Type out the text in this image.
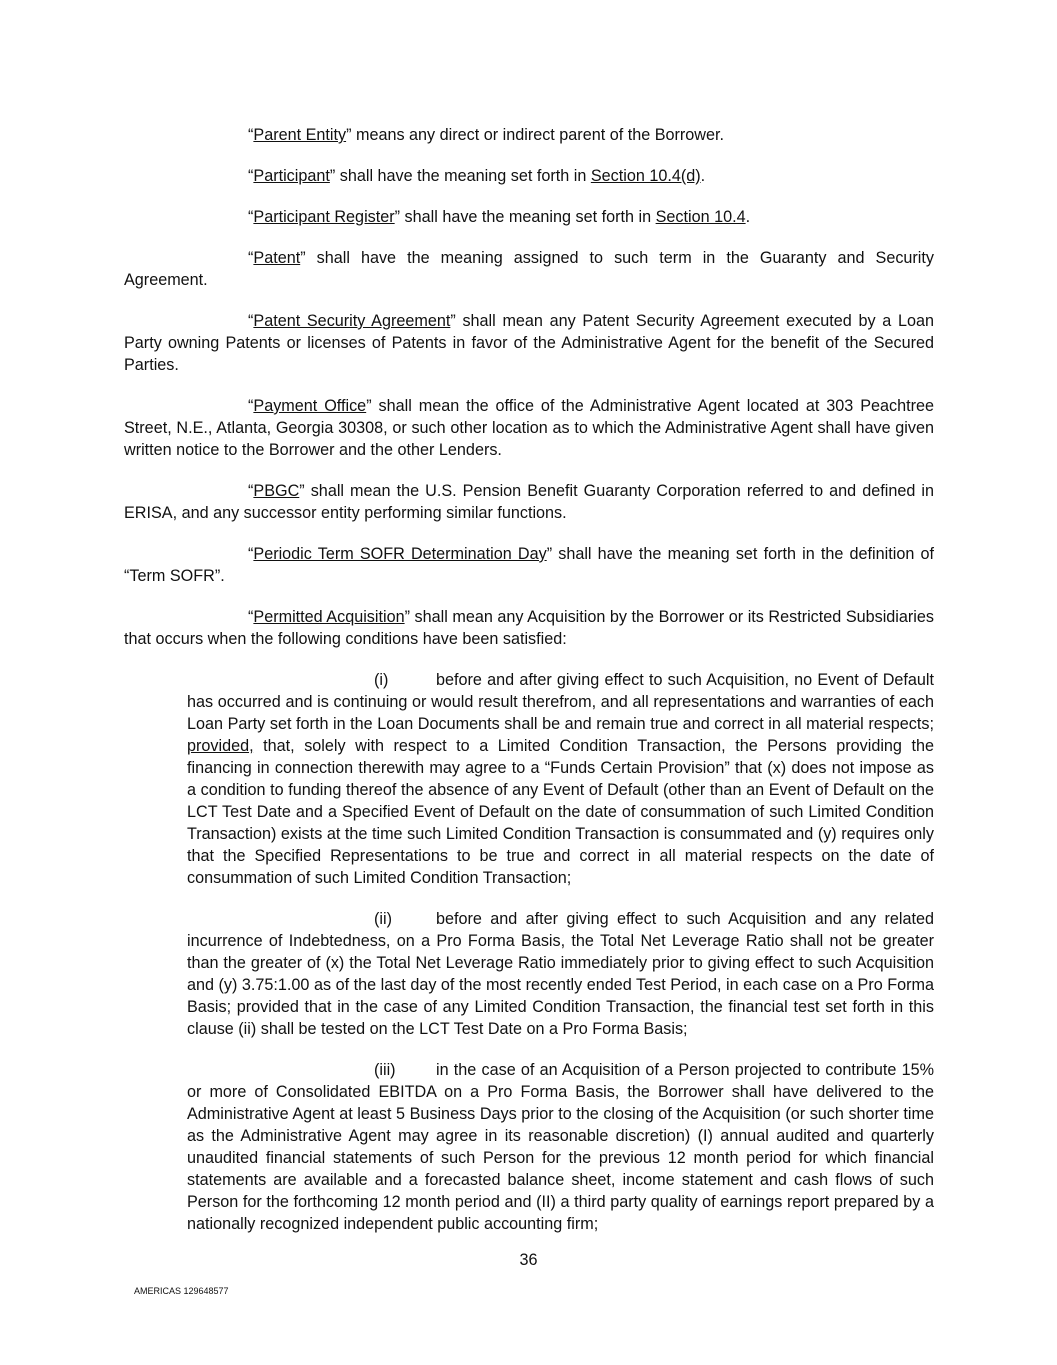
“Parent Entity” means any direct or indirect parent of the Borrower.

“Participant” shall have the meaning set forth in Section 10.4(d).

“Participant Register” shall have the meaning set forth in Section 10.4.

“Patent” shall have the meaning assigned to such term in the Guaranty and Security Agreement.

“Patent Security Agreement” shall mean any Patent Security Agreement executed by a Loan Party owning Patents or licenses of Patents in favor of the Administrative Agent for the benefit of the Secured Parties.

“Payment Office” shall mean the office of the Administrative Agent located at 303 Peachtree Street, N.E., Atlanta, Georgia 30308, or such other location as to which the Administrative Agent shall have given written notice to the Borrower and the other Lenders.

“PBGC” shall mean the U.S. Pension Benefit Guaranty Corporation referred to and defined in ERISA, and any successor entity performing similar functions.

“Periodic Term SOFR Determination Day” shall have the meaning set forth in the definition of “Term SOFR”.

“Permitted Acquisition” shall mean any Acquisition by the Borrower or its Restricted Subsidiaries that occurs when the following conditions have been satisfied:

(i)	before and after giving effect to such Acquisition, no Event of Default has occurred and is continuing or would result therefrom, and all representations and warranties of each Loan Party set forth in the Loan Documents shall be and remain true and correct in all material respects; provided, that, solely with respect to a Limited Condition Transaction, the Persons providing the financing in connection therewith may agree to a “Funds Certain Provision” that (x) does not impose as a condition to funding thereof the absence of any Event of Default (other than an Event of Default on the LCT Test Date and a Specified Event of Default on the date of consummation of such Limited Condition Transaction) exists at the time such Limited Condition Transaction is consummated and (y) requires only that the Specified Representations to be true and correct in all material respects on the date of consummation of such Limited Condition Transaction;

(ii)	before and after giving effect to such Acquisition and any related incurrence of Indebtedness, on a Pro Forma Basis, the Total Net Leverage Ratio shall not be greater than the greater of (x) the Total Net Leverage Ratio immediately prior to giving effect to such Acquisition and (y) 3.75:1.00 as of the last day of the most recently ended Test Period, in each case on a Pro Forma Basis; provided that in the case of any Limited Condition Transaction, the financial test set forth in this clause (ii) shall be tested on the LCT Test Date on a Pro Forma Basis;

(iii) in the case of an Acquisition of a Person projected to contribute 15% or more of Consolidated EBITDA on a Pro Forma Basis, the Borrower shall have delivered to the Administrative Agent at least 5 Business Days prior to the closing of the Acquisition (or such shorter time as the Administrative Agent may agree in its reasonable discretion) (I) annual audited and quarterly unaudited financial statements of such Person for the previous 12 month period for which financial statements are available and a forecasted balance sheet, income statement and cash flows of such Person for the forthcoming 12 month period and (II) a third party quality of earnings report prepared by a nationally recognized independent public accounting firm;

36
AMERICAS 129648577
